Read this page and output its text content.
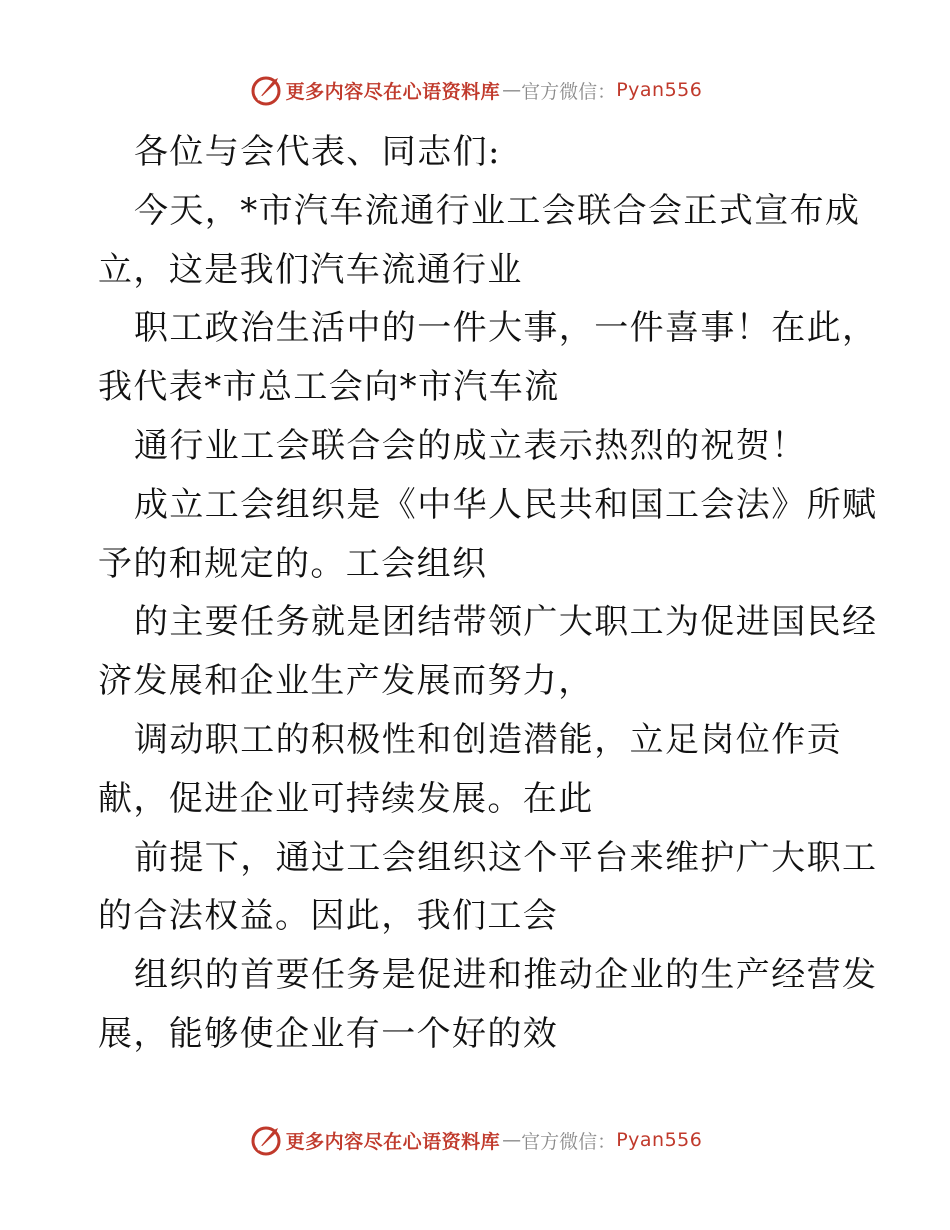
更多内容尽在心语资料库 — 官方微信： Pyan556
各位与会代表、同志们:
今天，*市汽车流通行业工会联合会正式宣布成
立，这是我们汽车流通行业
职工政治生活中的一件大事，一件喜事！在此，
我代表*市总工会向*市汽车流
通行业工会联合会的成立表示热烈的祝贺！
成立工会组织是《中华人民共和国工会法》所赋
予的和规定的。工会组织
的主要任务就是团结带领广大职工为促进国民经
济发展和企业生产发展而努力，
调动职工的积极性和创造潜能，立足岗位作贡
献，促进企业可持续发展。在此
前提下，通过工会组织这个平台来维护广大职工
的合法权益。因此，我们工会
组织的首要任务是促进和推动企业的生产经营发
展，能够使企业有一个好的效
更多内容尽在心语资料库 — 官方微信： Pyan556
